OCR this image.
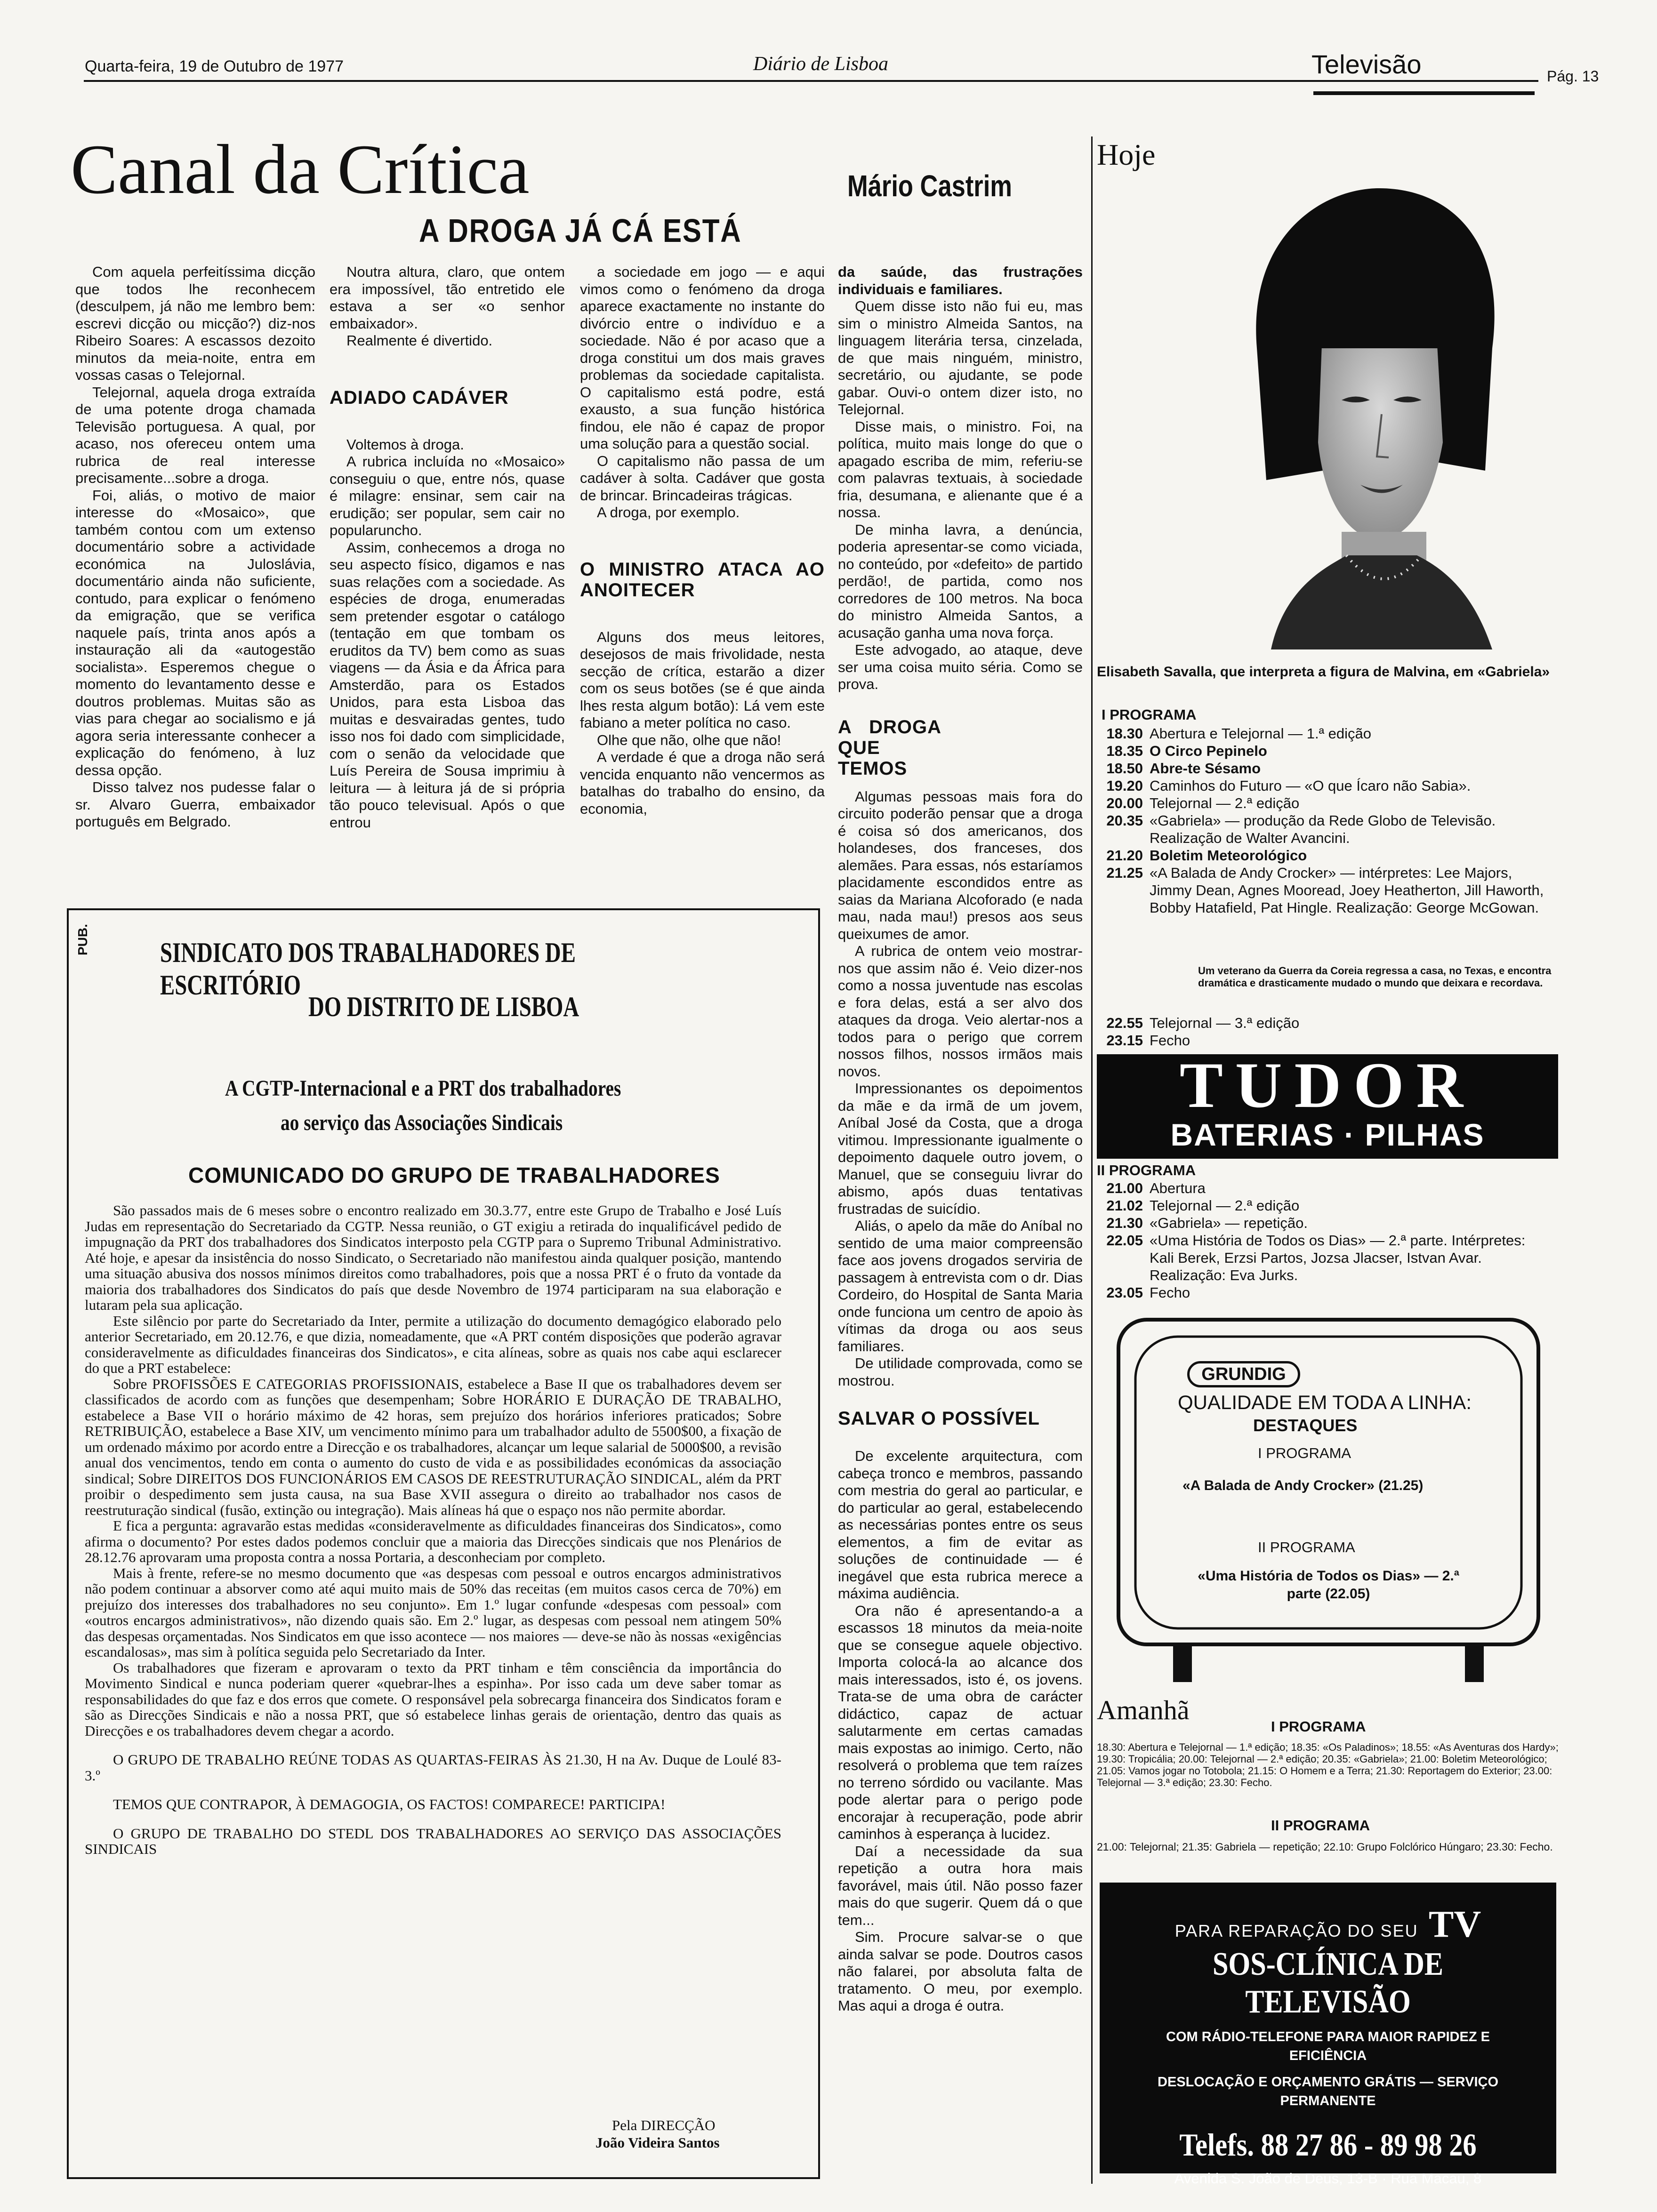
Quarta-feira, 19 de Outubro de 1977	Diário de Lisboa	Televisão	Pág. 13
Canal da Crítica	Mário Castrim
A DROGA JÁ CÁ ESTÁ

Com aquela perfeitíssima dicção que todos lhe reconhecem (desculpem, já não me lembro bem: escrevi dicção ou micção?) diz-nos Ribeiro Soares: A escassos dezoito minutos da meia-noite, entra em vossas casas o Telejornal.

Telejornal, aquela droga extraída de uma potente droga chamada Televisão portuguesa. A qual, por acaso, nos ofereceu ontem uma rubrica de real interesse precisamente...sobre a droga.

Foi, aliás, o motivo de maior interesse do «Mosaico», que também contou com um extenso documentário sobre a actividade económica na Juloslávia, documentário ainda não suficiente, contudo, para explicar o fenómeno da emigração, que se verifica naquele país, trinta anos após a instauração ali da «autogestão socialista». Esperemos chegue o momento do levantamento desse e doutros problemas. Muitas são as vias para chegar ao socialismo e já agora seria interessante conhecer a explicação do fenómeno, à luz dessa opção.

Disso talvez nos pudesse falar o sr. Alvaro Guerra, embaixador português em Belgrado.

Noutra altura, claro, que ontem era impossível, tão entretido ele estava a ser «o senhor embaixador».

Realmente é divertido.

ADIADO CADÁVER

Voltemos à droga.

A rubrica incluída no «Mosaico» conseguiu o que, entre nós, quase é milagre: ensinar, sem cair na erudição; ser popular, sem cair no popularuncho.

Assim, conhecemos a droga no seu aspecto físico, digamos e nas suas relações com a sociedade. As espécies de droga, enumeradas sem pretender esgotar o catálogo (tentação em que tombam os eruditos da TV) bem como as suas viagens — da Ásia e da África para Amsterdão, para os Estados Unidos, para esta Lisboa das muitas e desvairadas gentes, tudo isso nos foi dado com simplicidade, com o senão da velocidade que Luís Pereira de Sousa imprimiu à leitura — à leitura já de si própria tão pouco televisual. Após o que entrou

a sociedade em jogo — e aqui vimos como o fenómeno da droga aparece exactamente no instante do divórcio entre o indivíduo e a sociedade. Não é por acaso que a droga constitui um dos mais graves problemas da sociedade capitalista. O capitalismo está podre, está exausto, a sua função histórica findou, ele não é capaz de propor uma solução para a questão social.

O capitalismo não passa de um cadáver à solta. Cadáver que gosta de brincar. Brincadeiras trágicas.

A droga, por exemplo.

O MINISTRO ATACA AO ANOITECER

Alguns dos meus leitores, desejosos de mais frivolidade, nesta secção de crítica, estarão a dizer com os seus botões (se é que ainda lhes resta algum botão): Lá vem este fabiano a meter política no caso.

Olhe que não, olhe que não!

A verdade é que a droga não será vencida enquanto não vencermos as batalhas do trabalho do ensino, da economia,

da saúde, das frustrações individuais e familiares.

Quem disse isto não fui eu, mas sim o ministro Almeida Santos, na linguagem literária tersa, cinzelada, de que mais ninguém, ministro, secretário, ou ajudante, se pode gabar. Ouvi-o ontem dizer isto, no Telejornal.

Disse mais, o ministro. Foi, na política, muito mais longe do que o apagado escriba de mim, referiu-se com palavras textuais, à sociedade fria, desumana, e alienante que é a nossa.

De minha lavra, a denúncia, poderia apresentar-se como viciada, no conteúdo, por «defeito» de partido perdão!, de partida, como nos corredores de 100 metros. Na boca do ministro Almeida Santos, a acusação ganha uma nova força.

Este advogado, ao ataque, deve ser uma coisa muito séria. Como se prova.

A DROGA QUE TEMOS

Algumas pessoas mais fora do circuito poderão pensar que a droga é coisa só dos americanos, dos holandeses, dos franceses, dos alemães. Para essas, nós estaríamos placidamente escondidos entre as saias da Mariana Alcoforado (e nada mau, nada mau!) presos aos seus queixumes de amor.

A rubrica de ontem veio mostrar-nos que assim não é. Veio dizer-nos como a nossa juventude nas escolas e fora delas, está a ser alvo dos ataques da droga. Veio alertar-nos a todos para o perigo que correm nossos filhos, nossos irmãos mais novos.

Impressionantes os depoimentos da mãe e da irmã de um jovem, Aníbal José da Costa, que a droga vitimou. Impressionante igualmente o depoimento daquele outro jovem, o Manuel, que se conseguiu livrar do abismo, após duas tentativas frustradas de suicídio.

Aliás, o apelo da mãe do Aníbal no sentido de uma maior compreensão face aos jovens drogados serviria de passagem à entrevista com o dr. Dias Cordeiro, do Hospital de Santa Maria onde funciona um centro de apoio às vítimas da droga ou aos seus familiares.

De utilidade comprovada, como se mostrou.

SALVAR O POSSÍVEL

De excelente arquitectura, com cabeça tronco e membros, passando com mestria do geral ao particular, e do particular ao geral, estabelecendo as necessárias pontes entre os seus elementos, a fim de evitar as soluções de continuidade — é inegável que esta rubrica merece a máxima audiência.

Ora não é apresentando-a a escassos 18 minutos da meia-noite que se consegue aquele objectivo. Importa colocá-la ao alcance dos mais interessados, isto é, os jovens. Trata-se de uma obra de carácter didáctico, capaz de actuar salutarmente em certas camadas mais expostas ao inimigo. Certo, não resolverá o problema que tem raízes no terreno sórdido ou vacilante. Mas pode alertar para o perigo pode encorajar à recuperação, pode abrir caminhos à esperança à lucidez.

Daí a necessidade da sua repetição a outra hora mais favorável, mais útil. Não posso fazer mais do que sugerir. Quem dá o que tem...

Sim. Procure salvar-se o que ainda salvar se pode. Doutros casos não falarei, por absoluta falta de tratamento. O meu, por exemplo. Mas aqui a droga é outra.

PUB. SINDICATO DOS TRABALHADORES DE ESCRITÓRIO
DO DISTRITO DE LISBOA
A CGTP-Internacional e a PRT dos trabalhadores
ao serviço das Associações Sindicais
COMUNICADO DO GRUPO DE TRABALHADORES

São passados mais de 6 meses sobre o encontro realizado em 30.3.77, entre este Grupo de Trabalho e José Luís Judas em representação do Secretariado da CGTP. Nessa reunião, o GT exigiu a retirada do inqualificável pedido de impugnação da PRT dos trabalhadores dos Sindicatos interposto pela CGTP para o Supremo Tribunal Administrativo. Até hoje, e apesar da insistência do nosso Sindicato, o Secretariado não manifestou ainda qualquer posição, mantendo uma situação abusiva dos nossos mínimos direitos como trabalhadores, pois que a nossa PRT é o fruto da vontade da maioria dos trabalhadores dos Sindicatos do país que desde Novembro de 1974 participaram na sua elaboração e lutaram pela sua aplicação.

Este silêncio por parte do Secretariado da Inter, permite a utilização do documento demagógico elaborado pelo anterior Secretariado, em 20.12.76, e que dizia, nomeadamente, que «A PRT contém disposições que poderão agravar consideravelmente as dificuldades financeiras dos Sindicatos», e cita alíneas, sobre as quais nos cabe aqui esclarecer do que a PRT estabelece:

Sobre PROFISSÕES E CATEGORIAS PROFISSIONAIS, estabelece a Base II que os trabalhadores devem ser classificados de acordo com as funções que desempenham; Sobre HORÁRIO E DURAÇÃO DE TRABALHO, estabelece a Base VII o horário máximo de 42 horas, sem prejuízo dos horários inferiores praticados; Sobre RETRIBUIÇÃO, estabelece a Base XIV, um vencimento mínimo para um trabalhador adulto de 5500$00, a fixação de um ordenado máximo por acordo entre a Direcção e os trabalhadores, alcançar um leque salarial de 5000$00, a revisão anual dos vencimentos, tendo em conta o aumento do custo de vida e as possibilidades económicas da associação sindical; Sobre DIREITOS DOS FUNCIONÁRIOS EM CASOS DE REESTRUTURAÇÃO SINDICAL, além da PRT proibir o despedimento sem justa causa, na sua Base XVII assegura o direito ao trabalhador nos casos de reestruturação sindical (fusão, extinção ou integração). Mais alíneas há que o espaço nos não permite abordar.

E fica a pergunta: agravarão estas medidas «consideravelmente as dificuldades financeiras dos Sindicatos», como afirma o documento? Por estes dados podemos concluir que a maioria das Direcções sindicais que nos Plenários de 28.12.76 aprovaram uma proposta contra a nossa Portaria, a desconheciam por completo.

Mais à frente, refere-se no mesmo documento que «as despesas com pessoal e outros encargos administrativos não podem continuar a absorver como até aqui muito mais de 50% das receitas (em muitos casos cerca de 70%) em prejuízo dos interesses dos trabalhadores no seu conjunto». Em 1.º lugar confunde «despesas com pessoal» com «outros encargos administrativos», não dizendo quais são. Em 2.º lugar, as despesas com pessoal nem atingem 50% das despesas orçamentadas. Nos Sindicatos em que isso acontece — nos maiores — deve-se não às nossas «exigências escandalosas», mas sim à política seguida pelo Secretariado da Inter.

Os trabalhadores que fizeram e aprovaram o texto da PRT tinham e têm consciência da importância do Movimento Sindical e nunca poderiam querer «quebrar-lhes a espinha». Por isso cada um deve saber tomar as responsabilidades do que faz e dos erros que comete. O responsável pela sobrecarga financeira dos Sindicatos foram e são as Direcções Sindicais e não a nossa PRT, que só estabelece linhas gerais de orientação, dentro das quais as Direcções e os trabalhadores devem chegar a acordo.

O GRUPO DE TRABALHO REÚNE TODAS AS QUARTAS-FEIRAS ÀS 21.30, H na Av. Duque de Loulé 83-3.º

TEMOS QUE CONTRAPOR, À DEMAGOGIA, OS FACTOS! COMPARECE! PARTICIPA!

O GRUPO DE TRABALHO DO STEDL DOS TRABALHADORES AO SERVIÇO DAS ASSOCIAÇÕES SINDICAIS

Pela DIRECÇÃO
João Videira Santos
Hoje
Elisabeth Savalla, que interpreta a figura de Malvina, em «Gabriela»
I PROGRAMA
18.30 Abertura e Telejornal — 1.ª edição
18.35 O Circo Pepinelo
18.50 Abre-te Sésamo
19.20 Caminhos do Futuro — «O que Ícaro não Sabia».
20.00 Telejornal — 2.ª edição
20.35 «Gabriela» — produção da Rede Globo de Televisão. Realização de Walter Avancini.
21.20 Boletim Meteorológico
21.25 «A Balada de Andy Crocker» — intérpretes: Lee Majors, Jimmy Dean, Agnes Mooread, Joey Heatherton, Jill Haworth, Bobby Hatafield, Pat Hingle. Realização: George McGowan.
Um veterano da Guerra da Coreia regressa a casa, no Texas, e encontra dramática e drasticamente mudado o mundo que deixara e recordava.
22.55 Telejornal — 3.ª edição
23.15 Fecho
TUDOR
BATERIAS · PILHAS
II PROGRAMA
21.00 Abertura
21.02 Telejornal — 2.ª edição
21.30 «Gabriela» — repetição.
22.05 «Uma História de Todos os Dias» — 2.ª parte. Intérpretes: Kali Berek, Erzsi Partos, Jozsa Jlacser, Istvan Avar. Realização: Eva Jurks.
23.05 Fecho
GRUNDIG
QUALIDADE EM TODA A LINHA:
DESTAQUES
I PROGRAMA
«A Balada de Andy Crocker» (21.25)
II PROGRAMA
«Uma História de Todos os Dias» — 2.ª parte (22.05)
Amanhã
I PROGRAMA
18.30: Abertura e Telejornal — 1.ª edição; 18.35: «Os Paladinos»; 18.55: «As Aventuras dos Hardy»; 19.30: Tropicália; 20.00: Telejornal — 2.ª edição; 20.35: «Gabriela»; 21.00: Boletim Meteorológico; 21.05: Vamos jogar no Totobola; 21.15: O Homem e a Terra; 21.30: Reportagem do Exterior; 23.00: Telejornal — 3.ª edição; 23.30: Fecho.
II PROGRAMA
21.00: Telejornal; 21.35: Gabriela — repetição; 22.10: Grupo Folclórico Húngaro; 23.30: Fecho.
PARA REPARAÇÃO DO SEU TV
SOS-CLÍNICA DE TELEVISÃO
COM RÁDIO-TELEFONE PARA MAIOR RAPIDEZ E EFICIÊNCIA
DESLOCAÇÃO E ORÇAMENTO GRÁTIS — SERVIÇO PERMANENTE
Telefs. 88 27 86 - 89 98 26
Avenida S. João de Deus, 13-B · Rua Macau, 8
